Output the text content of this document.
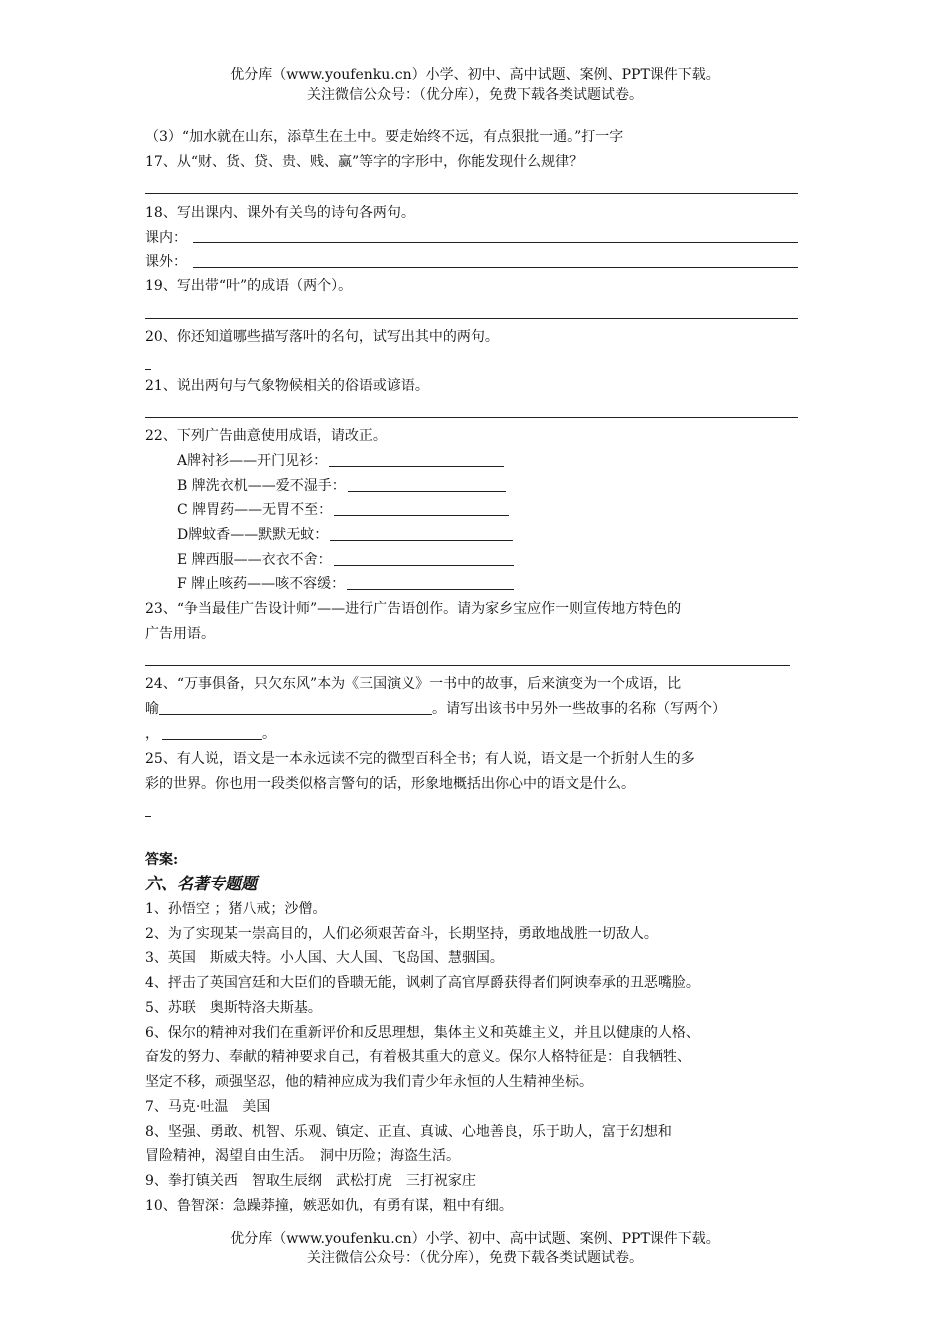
优分库（www.youfenku.cn）小学、初中、高中试题、案例、PPT课件下载。
关注微信公众号：（优分库），免费下载各类试题试卷。
（3）“加水就在山东，添草生在土中。要走始终不远，有点狠批一通。”打一字
17、从“财、货、贷、贵、贱、赢”等字的字形中，你能发现什么规律？
18、写出课内、课外有关鸟的诗句各两句。
课内：
课外：
19、写出带“叶”的成语（两个）。
20、你还知道哪些描写落叶的名句，试写出其中的两句。
21、说出两句与气象物候相关的俗语或谚语。
22、下列广告曲意使用成语，请改正。
A牌衬衫——开门见衫：
B 牌洗衣机——爱不湿手：
C 牌胃药——无胃不至：
D牌蚊香——默默无蚊：
E 牌西服——衣衣不舍：
F 牌止咳药——咳不容缓：
23、“争当最佳广告设计师”——进行广告语创作。请为家乡宝应作一则宣传地方特色的
广告用语。
24、“万事俱备，只欠东风”本为《三国演义》一书中的故事，后来演变为一个成语，比
喻	。请写出该书中另外一些故事的名称（写两个）
，	。
25、有人说，语文是一本永远读不完的微型百科全书；有人说，语文是一个折射人生的多
彩的世界。你也用一段类似格言警句的话，形象地概括出你心中的语文是什么。
答案:
六、名著专题题
1、孙悟空 ；猪八戒；沙僧。
2、为了实现某一崇高目的，人们必须艰苦奋斗，长期坚持，勇敢地战胜一切敌人。
3、英国　斯威夫特。小人国、大人国、飞岛国、慧骃国。
4、抨击了英国宫廷和大臣们的昏聩无能，讽刺了高官厚爵获得者们阿谀奉承的丑恶嘴脸。
5、苏联　奥斯特洛夫斯基。
6、保尔的精神对我们在重新评价和反思理想，集体主义和英雄主义，并且以健康的人格、
奋发的努力、奉献的精神要求自己，有着极其重大的意义。保尔人格特征是：自我牺牲、
坚定不移，顽强坚忍，他的精神应成为我们青少年永恒的人生精神坐标。
7、马克·吐温　美国
8、坚强、勇敢、机智、乐观、镇定、正直、真诚、心地善良，乐于助人，富于幻想和
冒险精神，渴望自由生活。　洞中历险；海盗生活。
9、拳打镇关西　智取生辰纲　武松打虎　三打祝家庄
10、鲁智深：急躁莽撞，嫉恶如仇，有勇有谋，粗中有细。
优分库（www.youfenku.cn）小学、初中、高中试题、案例、PPT课件下载。
关注微信公众号：（优分库），免费下载各类试题试卷。
